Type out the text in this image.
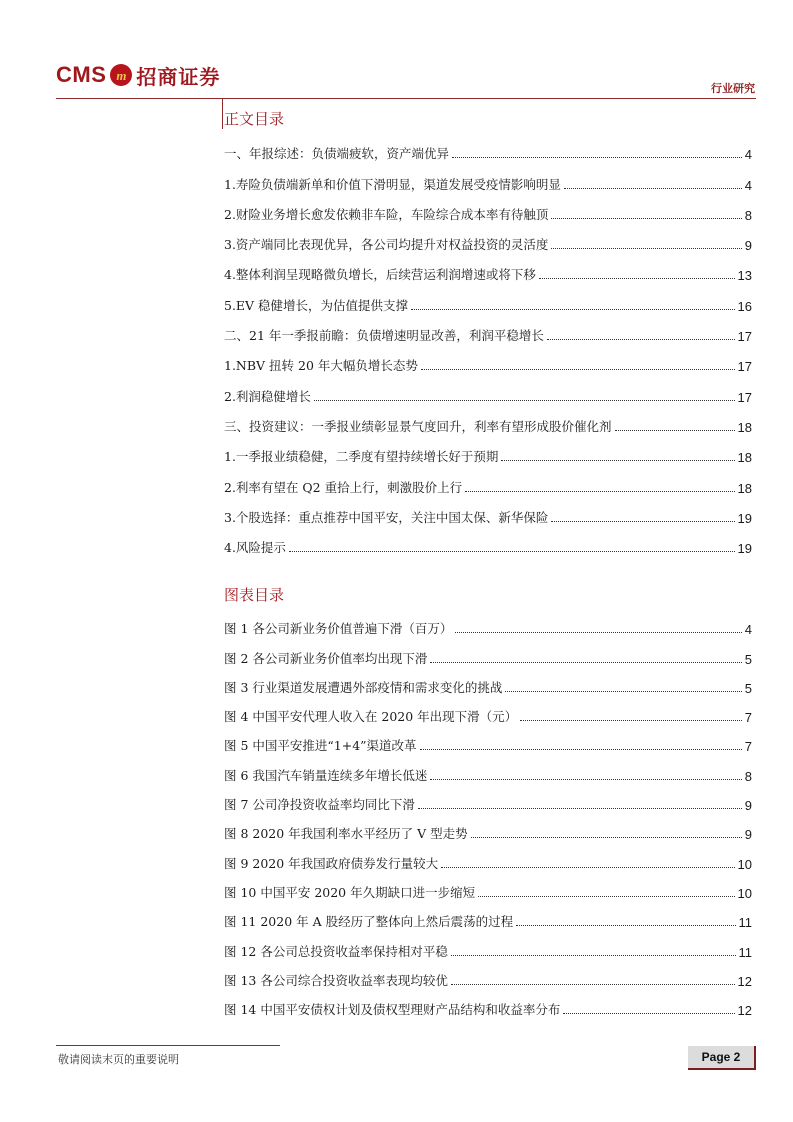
CMS m 招商证券	行业研究
正文目录
一、年报综述：负债端疲软，资产端优异	4
1.寿险负债端新单和价值下滑明显，渠道发展受疫情影响明显	4
2.财险业务增长愈发依赖非车险，车险综合成本率有待触顶	8
3.资产端同比表现优异，各公司均提升对权益投资的灵活度	9
4.整体利润呈现略微负增长，后续营运利润增速或将下移	13
5.EV 稳健增长，为估值提供支撑	16
二、21 年一季报前瞻：负债增速明显改善，利润平稳增长	17
1.NBV 扭转 20 年大幅负增长态势	17
2.利润稳健增长	17
三、投资建议：一季报业绩彰显景气度回升，利率有望形成股价催化剂	18
1.一季报业绩稳健，二季度有望持续增长好于预期	18
2.利率有望在 Q2 重拾上行，刺激股价上行	18
3.个股选择：重点推荐中国平安，关注中国太保、新华保险	19
4.风险提示	19
图表目录
图 1 各公司新业务价值普遍下滑（百万）	4
图 2 各公司新业务价值率均出现下滑	5
图 3 行业渠道发展遭遇外部疫情和需求变化的挑战	5
图 4 中国平安代理人收入在 2020 年出现下滑（元）	7
图 5 中国平安推进“1+4”渠道改革	7
图 6 我国汽车销量连续多年增长低迷	8
图 7 公司净投资收益率均同比下滑	9
图 8 2020 年我国利率水平经历了 V 型走势	9
图 9 2020 年我国政府债券发行量较大	10
图 10 中国平安 2020 年久期缺口进一步缩短	10
图 11 2020 年 A 股经历了整体向上然后震荡的过程	11
图 12 各公司总投资收益率保持相对平稳	11
图 13 各公司综合投资收益率表现均较优	12
图 14 中国平安债权计划及债权型理财产品结构和收益率分布	12
敬请阅读末页的重要说明	Page 2
